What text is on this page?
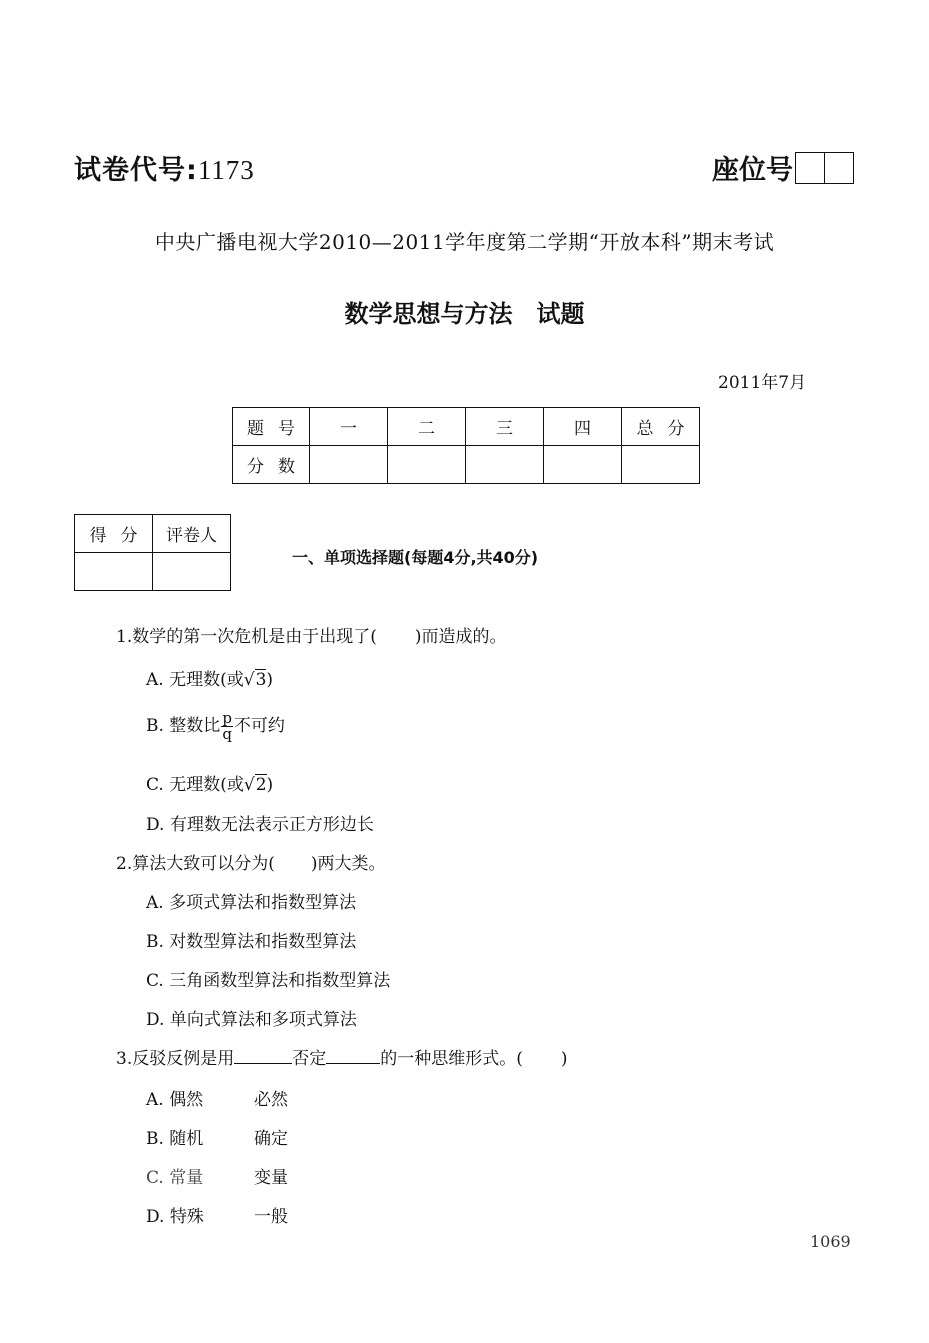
试卷代号:1173	座位号
中央广播电视大学2010—2011学年度第二学期“开放本科”期末考试
数学思想与方法　试题
2011年7月
题号	一	二	三	四	总分
分数					
得分	评卷人

一、单项选择题(每题4分,共40分)
1.数学的第一次危机是由于出现了( )而造成的。
A. 无理数(或√3)
B. 整数比 $\frac{p}{q}$ 不可约
C. 无理数(或√2)
D. 有理数无法表示正方形边长
2.算法大致可以分为( )两大类。
A. 多项式算法和指数型算法
B. 对数型算法和指数型算法
C. 三角函数型算法和指数型算法
D. 单向式算法和多项式算法
3.反驳反例是用	否定	的一种思维形式。( )
A. 偶然	必然
B. 随机	确定
C. 常量	变量
D. 特殊	一般
1069
